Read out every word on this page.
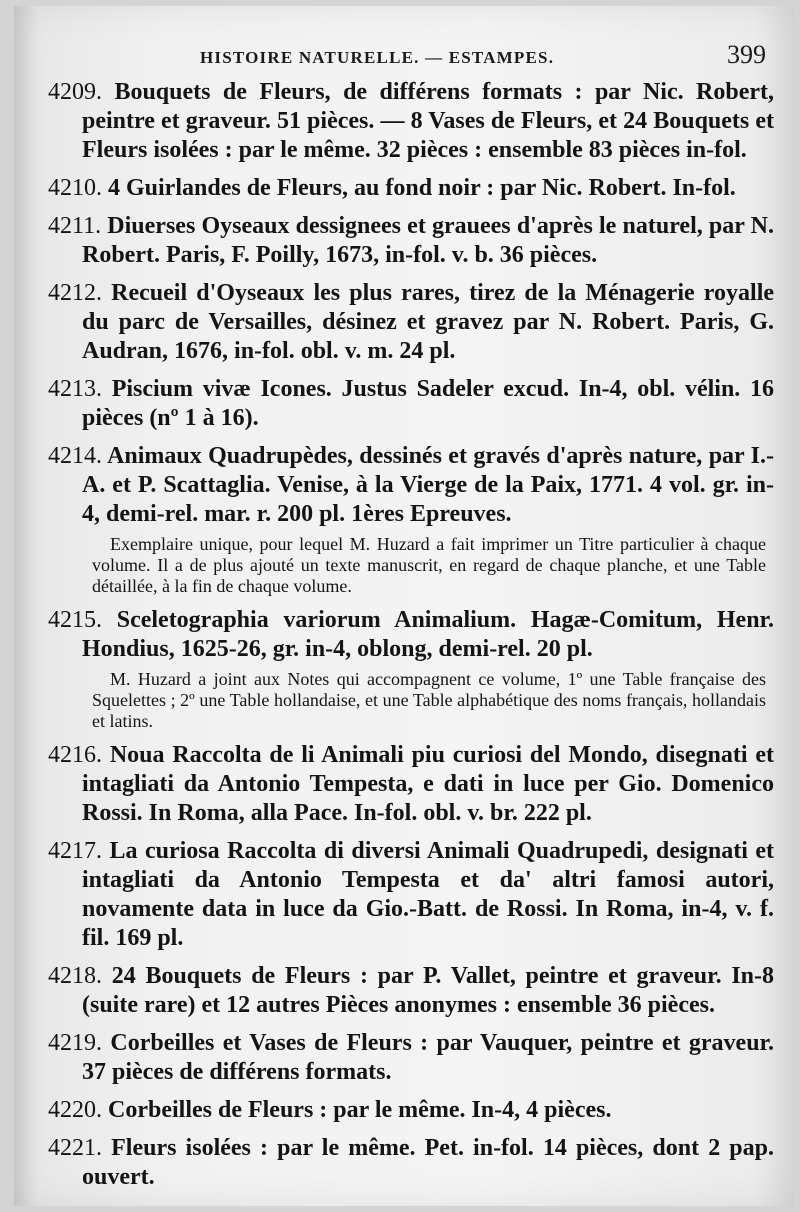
HISTOIRE NATURELLE. — ESTAMPES.	399
4209. Bouquets de Fleurs, de différens formats : par Nic. Robert, peintre et graveur. 51 pièces. — 8 Vases de Fleurs, et 24 Bouquets et Fleurs isolées : par le même. 32 pièces : ensemble 83 pièces in-fol.
4210. 4 Guirlandes de Fleurs, au fond noir : par Nic. Robert. In-fol.
4211. Diuerses Oyseaux dessignees et grauees d'après le naturel, par N. Robert. Paris, F. Poilly, 1673, in-fol. v. b. 36 pièces.
4212. Recueil d'Oyseaux les plus rares, tirez de la Ménagerie royalle du parc de Versailles, désinez et gravez par N. Robert. Paris, G. Audran, 1676, in-fol. obl. v. m. 24 pl.
4213. Piscium vivæ Icones. Justus Sadeler excud. In-4, obl. vélin. 16 pièces (nº 1 à 16).
4214. Animaux Quadrupèdes, dessinés et gravés d'après nature, par I.-A. et P. Scattaglia. Venise, à la Vierge de la Paix, 1771. 4 vol. gr. in-4, demi-rel. mar. r. 200 pl. 1ères Epreuves.
Exemplaire unique, pour lequel M. Huzard a fait imprimer un Titre particulier à chaque volume. Il a de plus ajouté un texte manuscrit, en regard de chaque planche, et une Table détaillée, à la fin de chaque volume.
4215. Sceletographia variorum Animalium. Hagæ-Comitum, Henr. Hondius, 1625-26, gr. in-4, oblong, demi-rel. 20 pl.
M. Huzard a joint aux Notes qui accompagnent ce volume, 1º une Table française des Squelettes ; 2º une Table hollandaise, et une Table alphabétique des noms français, hollandais et latins.
4216. Noua Raccolta de li Animali piu curiosi del Mondo, disegnati et intagliati da Antonio Tempesta, e dati in luce per Gio. Domenico Rossi. In Roma, alla Pace. In-fol. obl. v. br. 222 pl.
4217. La curiosa Raccolta di diversi Animali Quadrupedi, designati et intagliati da Antonio Tempesta et da' altri famosi autori, novamente data in luce da Gio.-Batt. de Rossi. In Roma, in-4, v. f. fil. 169 pl.
4218. 24 Bouquets de Fleurs : par P. Vallet, peintre et graveur. In-8 (suite rare) et 12 autres Pièces anonymes : ensemble 36 pièces.
4219. Corbeilles et Vases de Fleurs : par Vauquer, peintre et graveur. 37 pièces de différens formats.
4220. Corbeilles de Fleurs : par le même. In-4, 4 pièces.
4221. Fleurs isolées : par le même. Pet. in-fol. 14 pièces, dont 2 pap. ouvert.
